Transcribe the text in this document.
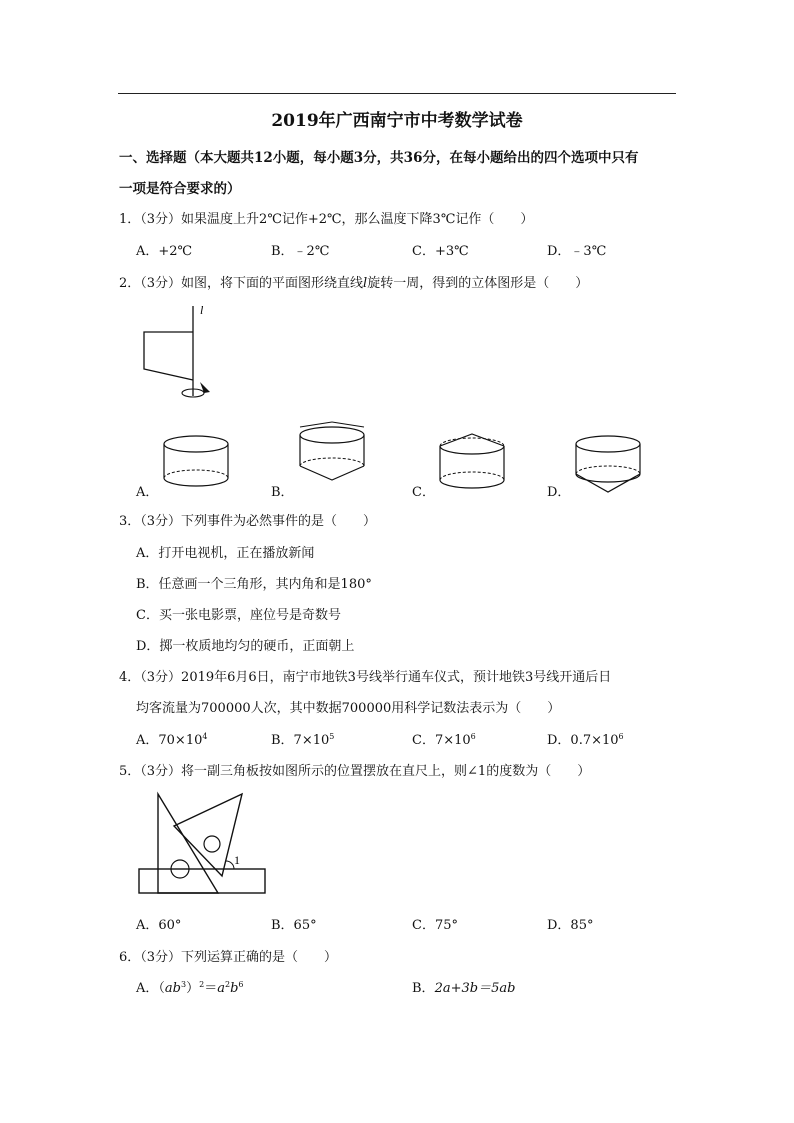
2019年广西南宁市中考数学试卷
一、选择题（本大题共12小题，每小题3分，共36分，在每小题给出的四个选项中只有
一项是符合要求的）
1．（3分）如果温度上升2℃记作+2℃，那么温度下降3℃记作（　　）
A．+2℃	B．﹣2℃	C．+3℃	D．﹣3℃
2．（3分）如图，将下面的平面图形绕直线l旋转一周，得到的立体图形是（　　）
l
A．	B．	C．	D．
3．（3分）下列事件为必然事件的是（　　）
A．打开电视机，正在播放新闻
B．任意画一个三角形，其内角和是180°
C．买一张电影票，座位号是奇数号
D．掷一枚质地均匀的硬币，正面朝上
4．（3分）2019年6月6日，南宁市地铁3号线举行通车仪式，预计地铁3号线开通后日
均客流量为700000人次，其中数据700000用科学记数法表示为（　　）
A．$70\times 10^4$	B．$7\times 10^5$	C．$7\times 10^6$	D．$0.7\times 10^6$
5．（3分）将一副三角板按如图所示的位置摆放在直尺上，则∠1的度数为（　　）
1
A．60°	B．65°	C．75°	D．85°
6．（3分）下列运算正确的是（　　）
A．$(ab^3)^2=a^2b^6$	B．2a+3b＝5ab
